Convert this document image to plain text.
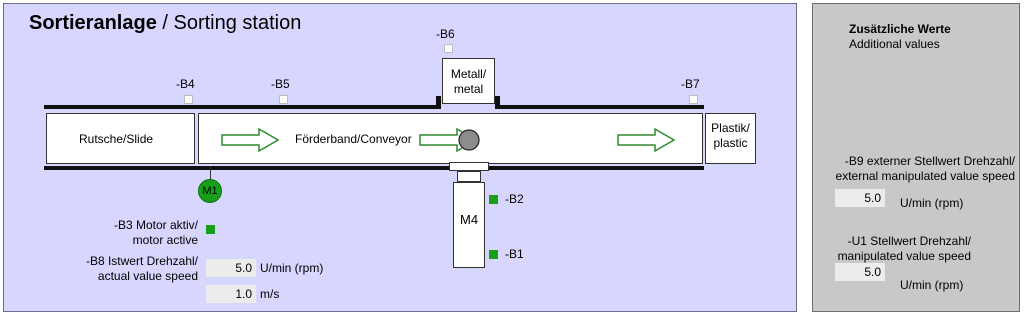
Sortieranlage / Sorting station
-B4	-B5
-B6
-B7
Metall/
metal
Rutsche/Slide	Förderband/Conveyor
Plastik/
plastic
M4
-B2
-B1
M1
-B3 Motor aktiv/
motor active
-B8 Istwert Drehzahl/
actual value speed
5.0 U/min (rpm)
1.0 m/s
Zusätzliche Werte
Additional values
-B9 externer Stellwert Drehzahl/
external manipulated value speed
5.0	U/min (rpm)
-U1 Stellwert Drehzahl/
manipulated value speed
5.0
U/min (rpm)
